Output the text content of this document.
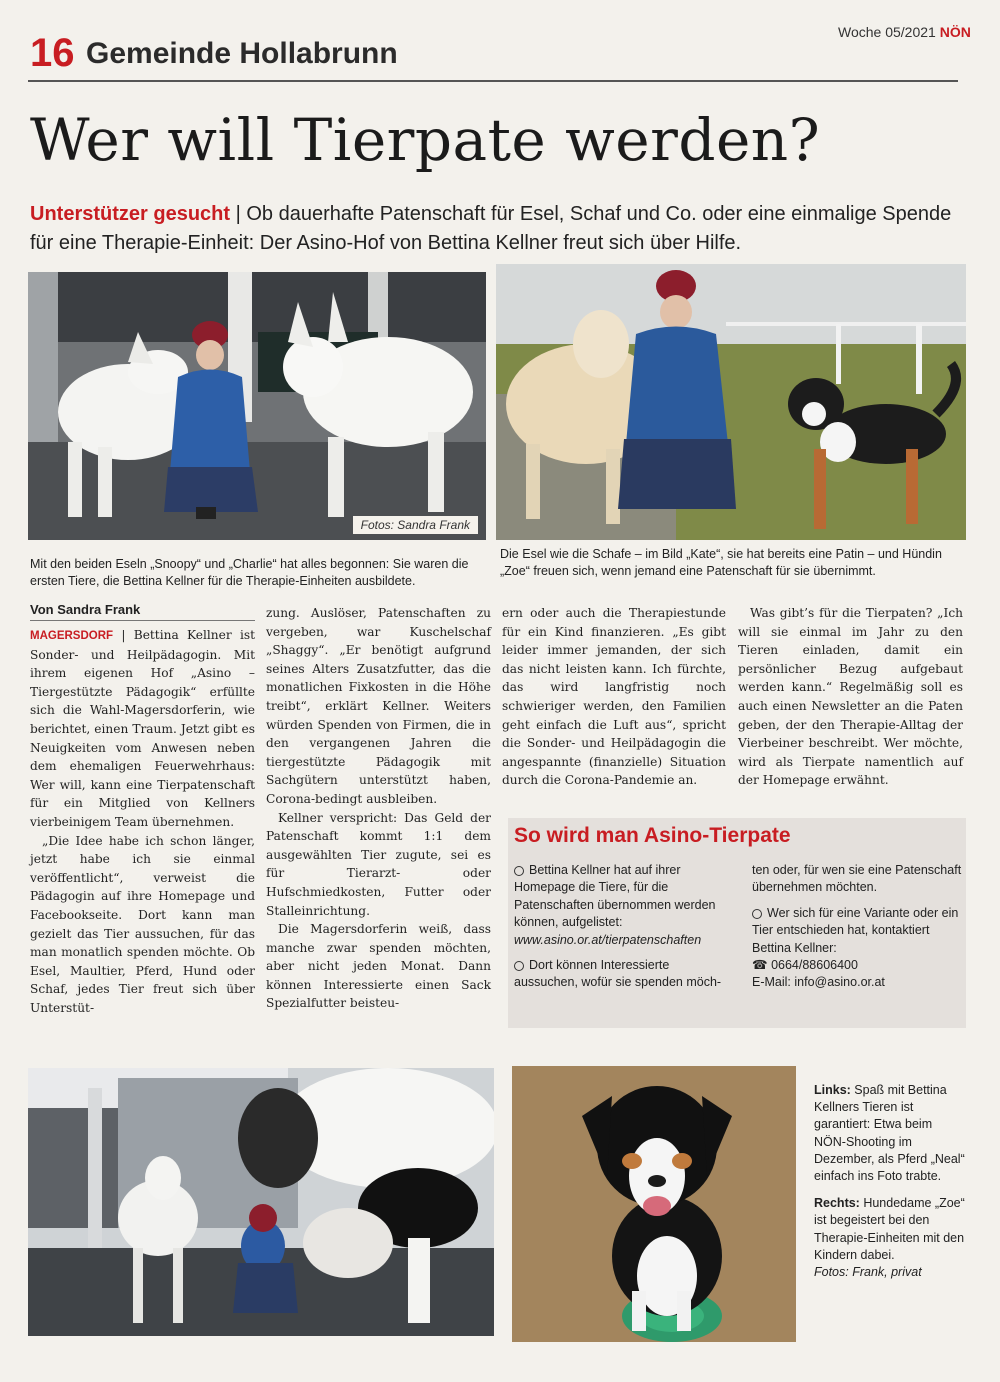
16 Gemeinde Hollabrunn
Woche 05/2021 NÖN
Wer will Tierpate werden?
Unterstützer gesucht | Ob dauerhafte Patenschaft für Esel, Schaf und Co. oder eine einmalige Spende für eine Therapie-Einheit: Der Asino-Hof von Bettina Kellner freut sich über Hilfe.
Fotos: Sandra Frank
Mit den beiden Eseln „Snoopy“ und „Charlie“ hat alles begonnen: Sie waren die ersten Tiere, die Bettina Kellner für die Therapie-Einheiten ausbildete.
Die Esel wie die Schafe – im Bild „Kate“, sie hat bereits eine Patin – und Hündin „Zoe“ freuen sich, wenn jemand eine Patenschaft für sie übernimmt.
Von Sandra Frank

MAGERSDORF | Bettina Kellner ist Sonder- und Heilpädagogin. Mit ihrem eigenen Hof „Asino – Tiergestützte Pädagogik“ erfüllte sich die Wahl-Magersdorferin, wie berichtet, einen Traum. Jetzt gibt es Neuigkeiten vom Anwesen neben dem ehemaligen Feuerwehrhaus: Wer will, kann eine Tierpatenschaft für ein Mitglied von Kellners vierbeinigem Team übernehmen.

„Die Idee habe ich schon länger, jetzt habe ich sie einmal veröffentlicht“, verweist die Pädagogin auf ihre Homepage und Facebookseite. Dort kann man gezielt das Tier aussuchen, für das man monatlich spenden möchte. Ob Esel, Maultier, Pferd, Hund oder Schaf, jedes Tier freut sich über Unterstüt-

zung. Auslöser, Patenschaften zu vergeben, war Kuschelschaf „Shaggy“. „Er benötigt aufgrund seines Alters Zusatzfutter, das die monatlichen Fixkosten in die Höhe treibt“, erklärt Kellner. Weiters würden Spenden von Firmen, die in den vergangenen Jahren die tiergestützte Pädagogik mit Sachgütern unterstützt haben, Corona-bedingt ausbleiben.

Kellner verspricht: Das Geld der Patenschaft kommt 1:1 dem ausgewählten Tier zugute, sei es für Tierarzt- oder Hufschmiedkosten, Futter oder Stalleinrichtung.

Die Magersdorferin weiß, dass manche zwar spenden möchten, aber nicht jeden Monat. Dann können Interessierte einen Sack Spezialfutter beisteu-

ern oder auch die Therapiestunde für ein Kind finanzieren. „Es gibt leider immer jemanden, der sich das nicht leisten kann. Ich fürchte, das wird langfristig noch schwieriger werden, den Familien geht einfach die Luft aus“, spricht die Sonder- und Heilpädagogin die angespannte (finanzielle) Situation durch die Corona-Pandemie an.

Was gibt’s für die Tierpaten? „Ich will sie einmal im Jahr zu den Tieren einladen, damit ein persönlicher Bezug aufgebaut werden kann.“ Regelmäßig soll es auch einen Newsletter an die Paten geben, der den Therapie-Alltag der Vierbeiner beschreibt. Wer möchte, wird als Tierpate namentlich auf der Homepage erwähnt.

So wird man Asino-Tierpate

Bettina Kellner hat auf ihrer Homepage die Tiere, für die Patenschaften übernommen werden können, aufgelistet:
www.asino.or.at/tierpatenschaften

Dort können Interessierte aussuchen, wofür sie spenden möch-

ten oder, für wen sie eine Patenschaft übernehmen möchten.

Wer sich für eine Variante oder ein Tier entschieden hat, kontaktiert Bettina Kellner:
☎ 0664/88606400
E-Mail: info@asino.or.at

Links: Spaß mit Bettina Kellners Tieren ist garantiert: Etwa beim NÖN-Shooting im Dezember, als Pferd „Neal“ einfach ins Foto trabte.

Rechts: Hundedame „Zoe“ ist begeistert bei den Therapie-Einheiten mit den Kindern dabei.
Fotos: Frank, privat
